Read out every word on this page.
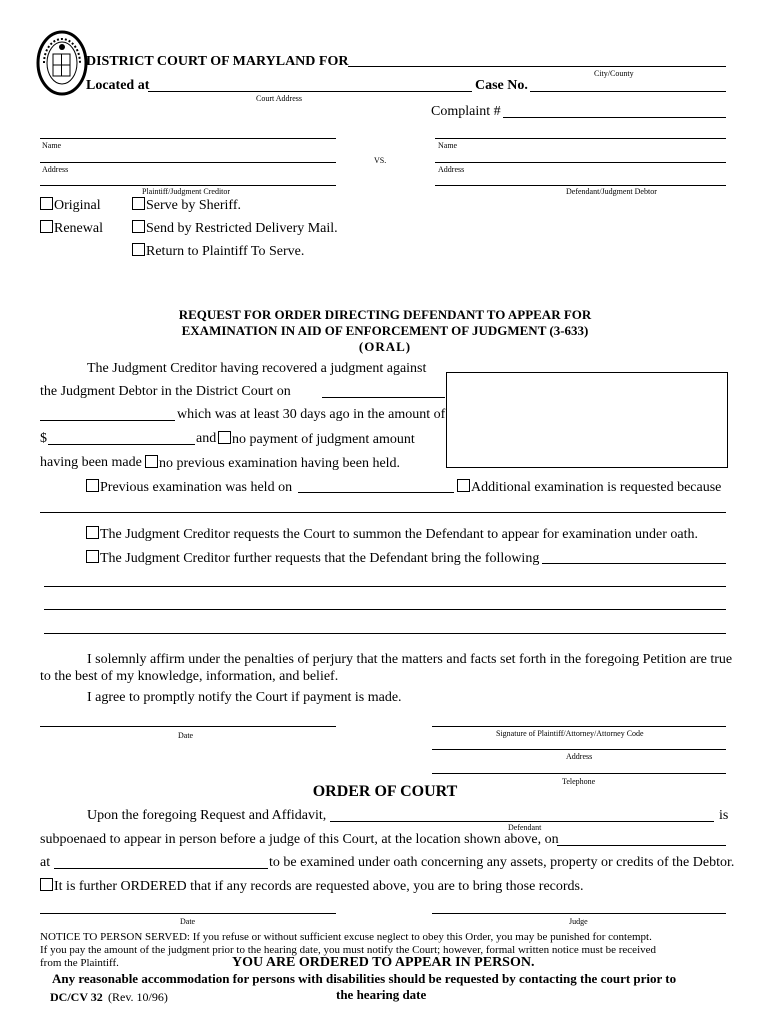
DISTRICT COURT OF MARYLAND FOR
City/County
Located at
Court Address
Case No.
Complaint #
Name
Address
Plaintiff/Judgment Creditor
VS.
Name
Address
Defendant/Judgment Debtor
Original
Renewal
Serve by Sheriff.
Send by Restricted Delivery Mail.
Return to Plaintiff To Serve.
REQUEST FOR ORDER DIRECTING DEFENDANT TO APPEAR FOR
EXAMINATION IN AID OF ENFORCEMENT OF JUDGMENT (3-633)
(ORAL)
The Judgment Creditor having recovered a judgment against
the Judgment Debtor in the District Court on
which was at least 30 days ago in the amount of
$	and	no payment of judgment amount
having been made	no previous examination having been held.
Previous examination was held on	Additional examination is requested because
The Judgment Creditor requests the Court to summon the Defendant to appear for examination under oath.
The Judgment Creditor further requests that the Defendant bring the following
I solemnly affirm under the penalties of perjury that the matters and facts set forth in the foregoing Petition are true
to the best of my knowledge, information, and belief.
I agree to promptly notify the Court if payment is made.
Date	Signature of Plaintiff/Attorney/Attorney Code
Address
Telephone
ORDER OF COURT
Upon the foregoing Request and Affidavit,	is
Defendant
subpoenaed to appear in person before a judge of this Court, at the location shown above, on
at	to be examined under oath concerning any assets, property or credits of the Debtor.
It is further ORDERED that if any records are requested above, you are to bring those records.
Date	Judge
NOTICE TO PERSON SERVED: If you refuse or without sufficient excuse neglect to obey this Order, you may be punished for contempt.
If you pay the amount of the judgment prior to the hearing date, you must notify the Court; however, formal written notice must be received
from the Plaintiff.	YOU ARE ORDERED TO APPEAR IN PERSON.
Any reasonable accommodation for persons with disabilities should be requested by contacting the court prior to
DC/CV 32 (Rev. 10/96)	the hearing date
